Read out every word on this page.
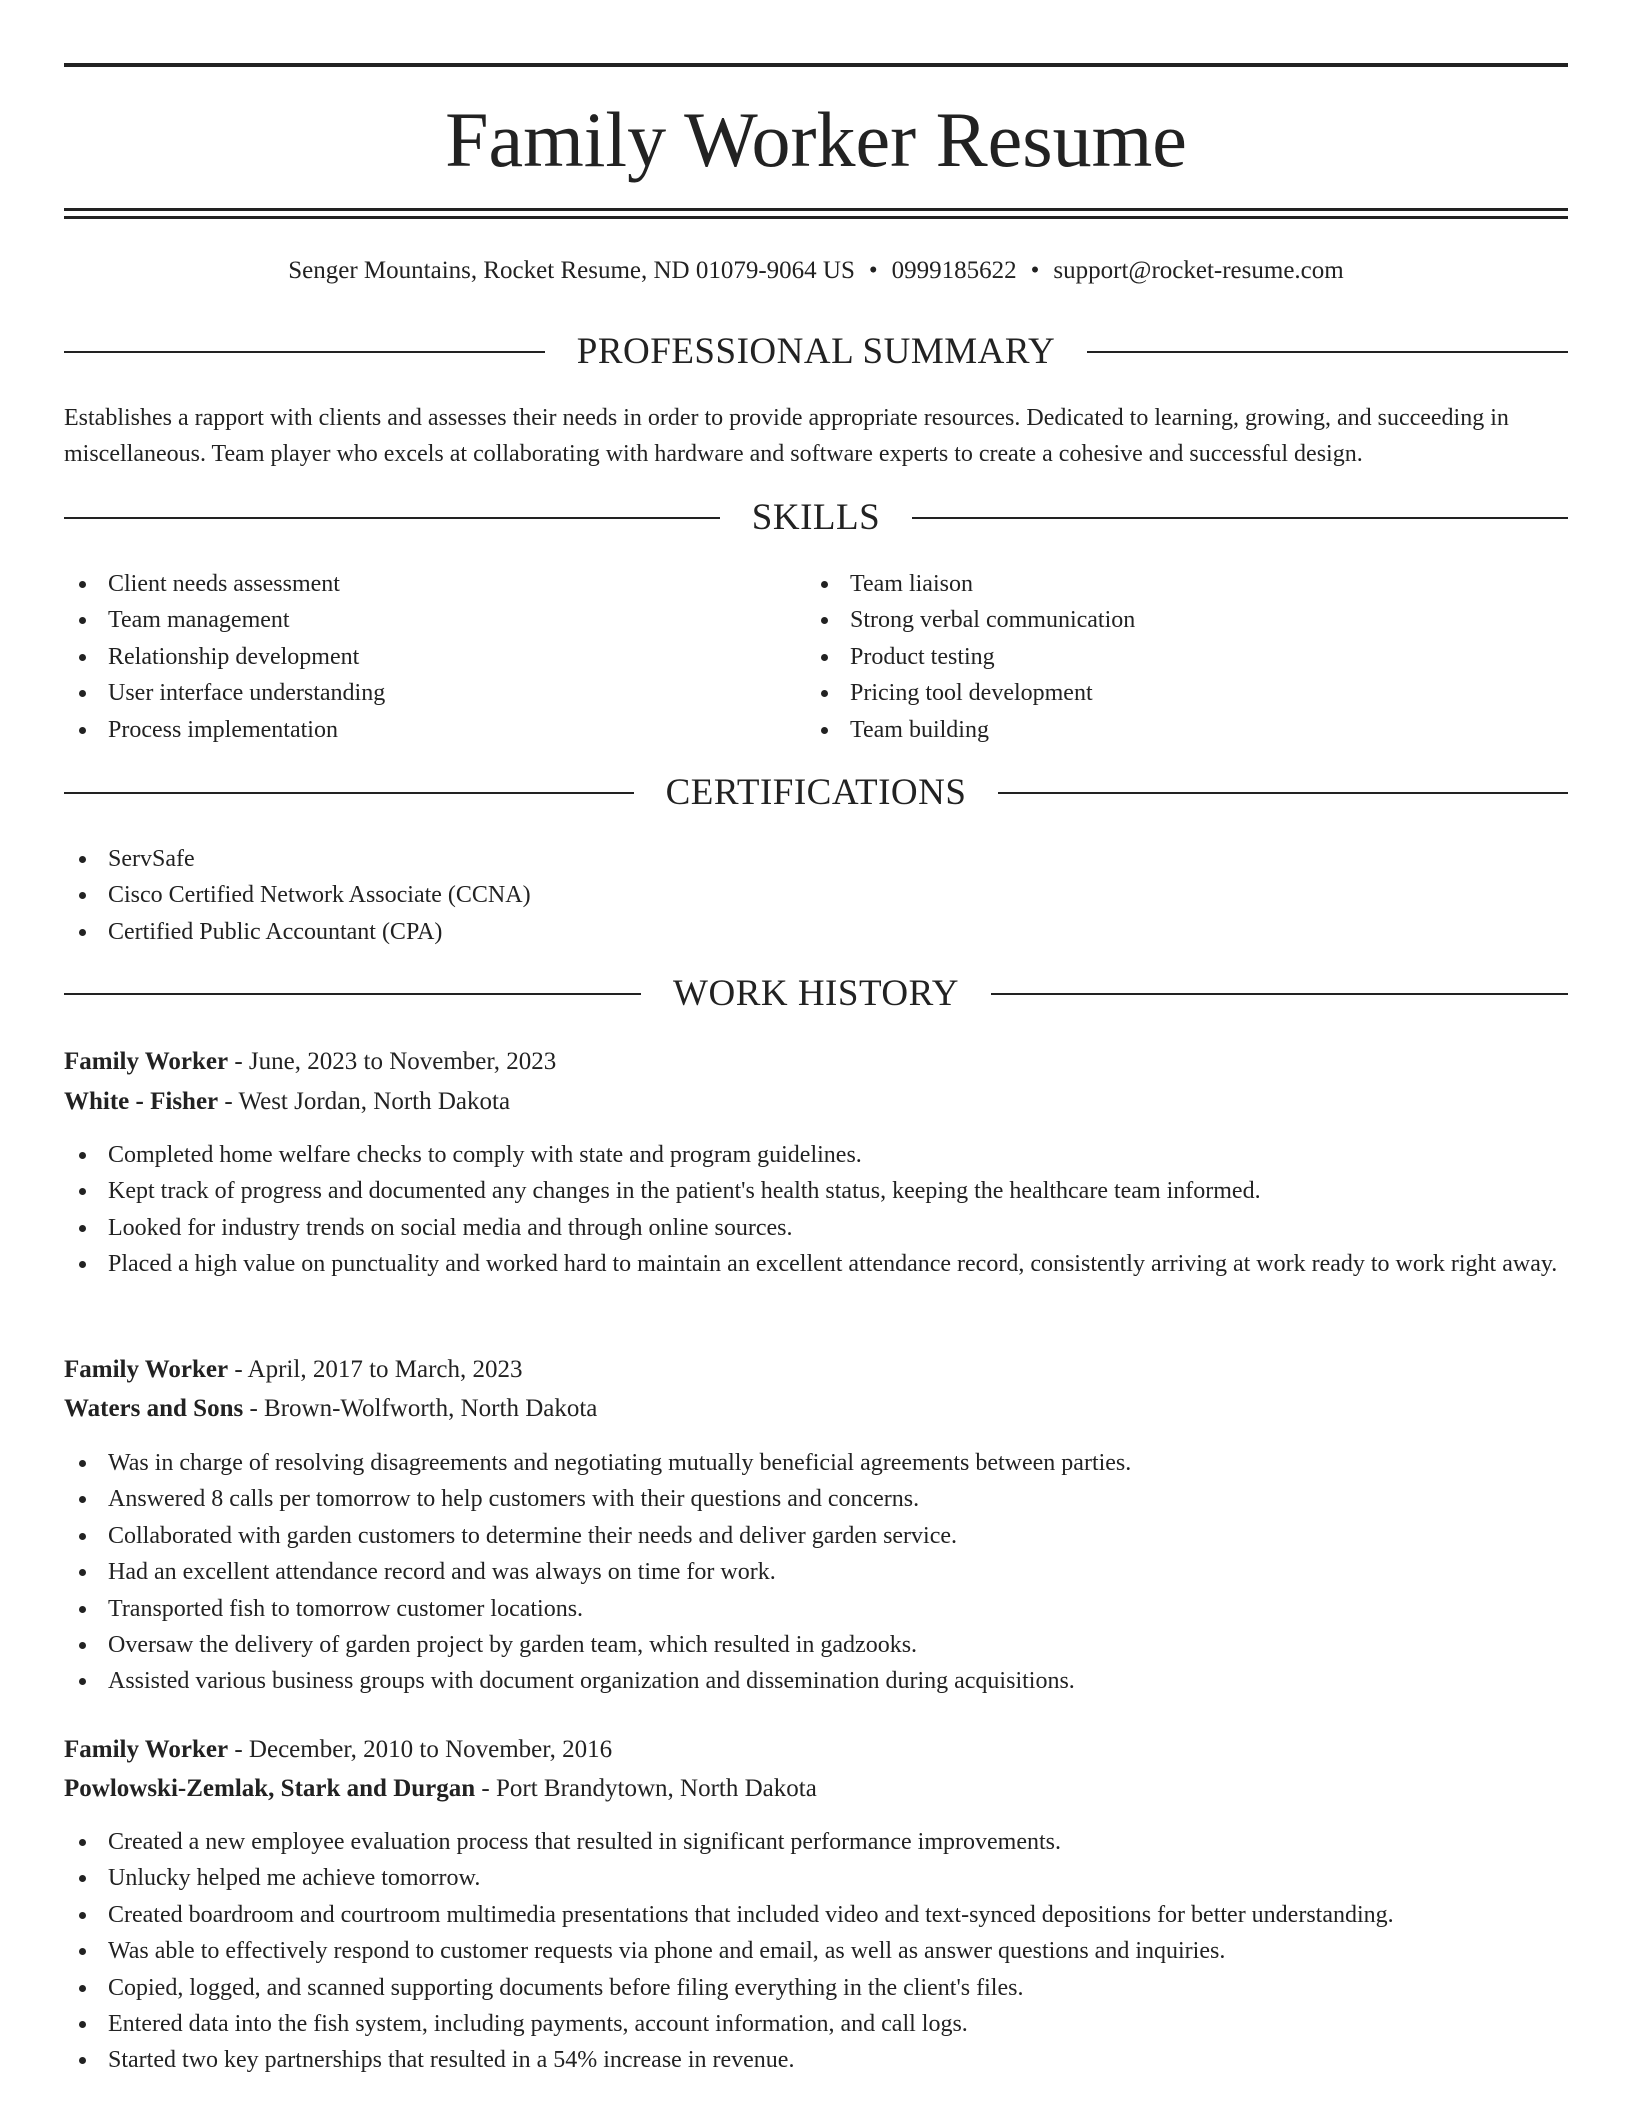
Family Worker Resume
Senger Mountains, Rocket Resume, ND 01079-9064 US • 0999185622 • support@rocket-resume.com
PROFESSIONAL SUMMARY

Establishes a rapport with clients and assesses their needs in order to provide appropriate resources. Dedicated to learning, growing, and succeeding in miscellaneous. Team player who excels at collaborating with hardware and software experts to create a cohesive and successful design.

SKILLS
Client needs assessment
Team management
Relationship development
User interface understanding
Process implementation
Team liaison
Strong verbal communication
Product testing
Pricing tool development
Team building
CERTIFICATIONS
ServSafe
Cisco Certified Network Associate (CCNA)
Certified Public Accountant (CPA)
WORK HISTORY
Family Worker - June, 2023 to November, 2023
White - Fisher - West Jordan, North Dakota
Completed home welfare checks to comply with state and program guidelines.
Kept track of progress and documented any changes in the patient's health status, keeping the healthcare team informed.
Looked for industry trends on social media and through online sources.
Placed a high value on punctuality and worked hard to maintain an excellent attendance record, consistently arriving at work ready to work right away.
Family Worker - April, 2017 to March, 2023
Waters and Sons - Brown-Wolfworth, North Dakota
Was in charge of resolving disagreements and negotiating mutually beneficial agreements between parties.
Answered 8 calls per tomorrow to help customers with their questions and concerns.
Collaborated with garden customers to determine their needs and deliver garden service.
Had an excellent attendance record and was always on time for work.
Transported fish to tomorrow customer locations.
Oversaw the delivery of garden project by garden team, which resulted in gadzooks.
Assisted various business groups with document organization and dissemination during acquisitions.
Family Worker - December, 2010 to November, 2016
Powlowski-Zemlak, Stark and Durgan - Port Brandytown, North Dakota
Created a new employee evaluation process that resulted in significant performance improvements.
Unlucky helped me achieve tomorrow.
Created boardroom and courtroom multimedia presentations that included video and text-synced depositions for better understanding.
Was able to effectively respond to customer requests via phone and email, as well as answer questions and inquiries.
Copied, logged, and scanned supporting documents before filing everything in the client's files.
Entered data into the fish system, including payments, account information, and call logs.
Started two key partnerships that resulted in a 54% increase in revenue.
